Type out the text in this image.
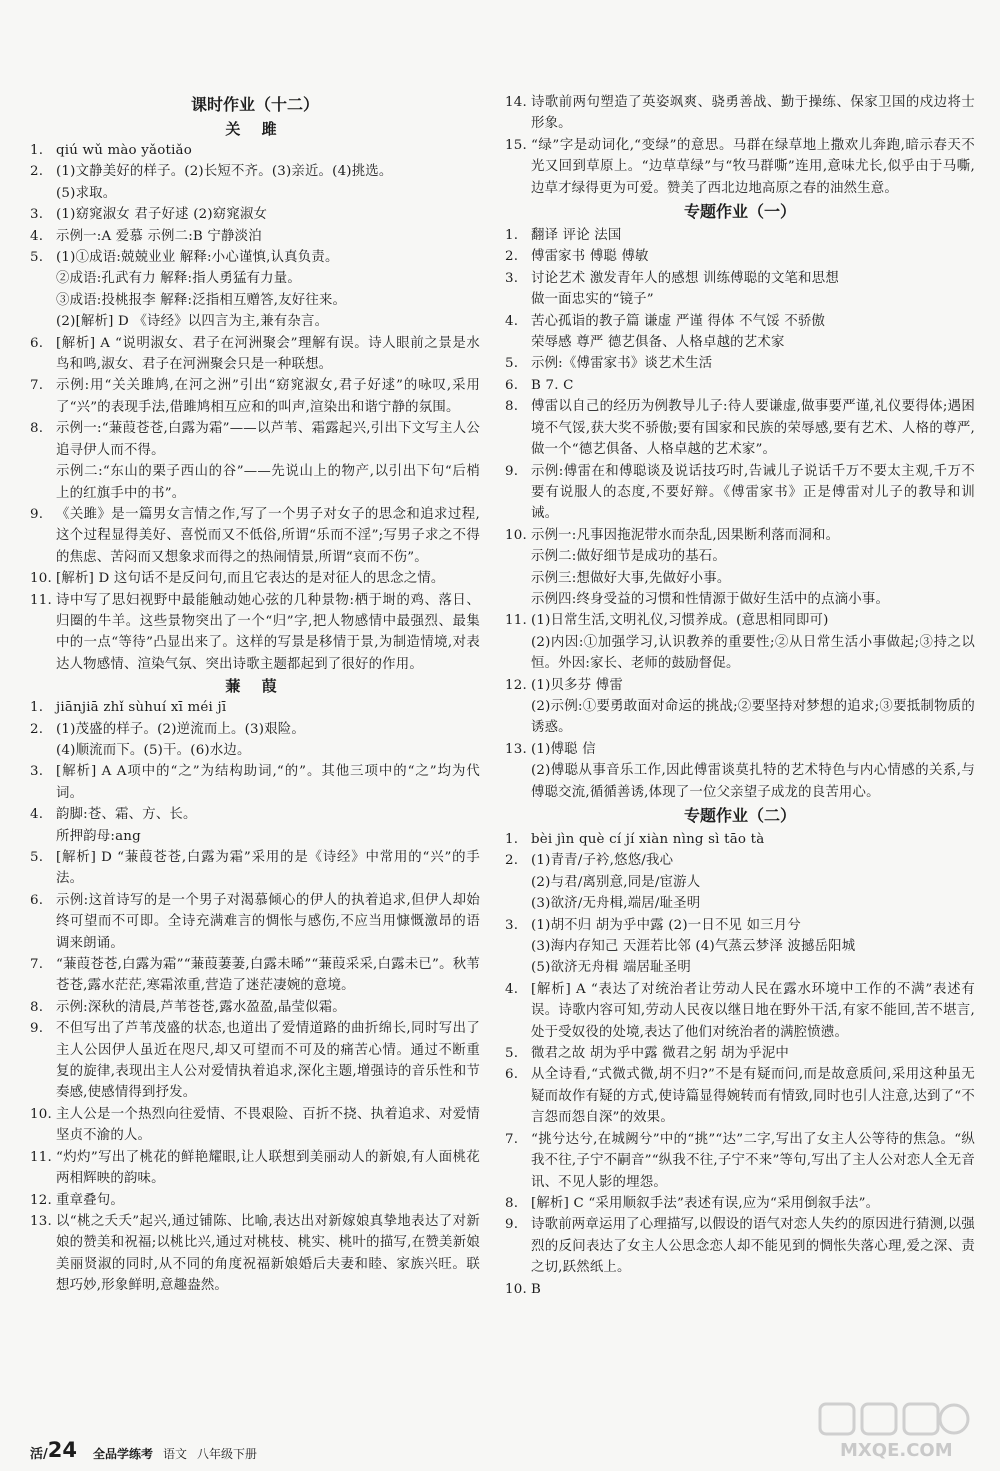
课时作业（十二）
关 雎
1. qiú wǔ mào yǎotiǎo
2. (1)文静美好的样子。(2)长短不齐。(3)亲近。(4)挑选。
(5)求取。
3. (1)窈窕淑女 君子好逑 (2)窈窕淑女
4. 示例一:A 爱慕 示例二:B 宁静淡泊
5. (1)①成语:兢兢业业 解释:小心谨慎,认真负责。
②成语:孔武有力 解释:指人勇猛有力量。
③成语:投桃报李 解释:泛指相互赠答,友好往来。
(2)[解析] D 《诗经》以四言为主,兼有杂言。
6. [解析] A “说明淑女、君子在河洲聚会”理解有误。诗人眼前之景是水鸟和鸣,淑女、君子在河洲聚会只是一种联想。
7. 示例:用“关关雎鸠,在河之洲”引出“窈窕淑女,君子好逑”的咏叹,采用了“兴”的表现手法,借雎鸠相互应和的叫声,渲染出和谐宁静的氛围。
8. 示例一:“蒹葭苍苍,白露为霜”——以芦苇、霜露起兴,引出下文写主人公追寻伊人而不得。
示例二:“东山的栗子西山的谷”——先说山上的物产,以引出下句“后梢上的红旗手中的书”。
9. 《关雎》是一篇男女言情之作,写了一个男子对女子的思念和追求过程,这个过程显得美好、喜悦而又不低俗,所谓“乐而不淫”;写男子求之不得的焦虑、苦闷而又想象求而得之的热闹情景,所谓“哀而不伤”。
10. [解析] D 这句话不是反问句,而且它表达的是对征人的思念之情。
11. 诗中写了思妇视野中最能触动她心弦的几种景物:栖于埘的鸡、落日、归圈的牛羊。这些景物突出了一个“归”字,把人物感情中最强烈、最集中的一点“等待”凸显出来了。这样的写景是移情于景,为制造情境,对表达人物感情、渲染气氛、突出诗歌主题都起到了很好的作用。
蒹 葭
1. jiānjiā zhǐ sùhuí xī méi jī
2. (1)茂盛的样子。(2)逆流而上。(3)艰险。
(4)顺流而下。(5)干。(6)水边。
3. [解析] A A项中的“之”为结构助词,“的”。其他三项中的“之”均为代词。
4. 韵脚:苍、霜、方、长。
所押韵母:ang
5. [解析] D “蒹葭苍苍,白露为霜”采用的是《诗经》中常用的“兴”的手法。
6. 示例:这首诗写的是一个男子对渴慕倾心的伊人的执着追求,但伊人却始终可望而不可即。全诗充满难言的惆怅与感伤,不应当用慷慨激昂的语调来朗诵。
7. “蒹葭苍苍,白露为霜”“蒹葭萋萋,白露未晞”“蒹葭采采,白露未已”。秋苇苍苍,露水茫茫,寒霜浓重,营造了迷茫凄婉的意境。
8. 示例:深秋的清晨,芦苇苍苍,露水盈盈,晶莹似霜。
9. 不但写出了芦苇茂盛的状态,也道出了爱情道路的曲折绵长,同时写出了主人公因伊人虽近在咫尺,却又可望而不可及的痛苦心情。通过不断重复的旋律,表现出主人公对爱情执着追求,深化主题,增强诗的音乐性和节奏感,使感情得到抒发。
10. 主人公是一个热烈向往爱情、不畏艰险、百折不挠、执着追求、对爱情坚贞不渝的人。
11. “灼灼”写出了桃花的鲜艳耀眼,让人联想到美丽动人的新娘,有人面桃花两相辉映的韵味。
12. 重章叠句。
13. 以“桃之夭夭”起兴,通过铺陈、比喻,表达出对新嫁娘真挚地表达了对新娘的赞美和祝福;以桃比兴,通过对桃枝、桃实、桃叶的描写,在赞美新娘美丽贤淑的同时,从不同的角度祝福新娘婚后夫妻和睦、家族兴旺。联想巧妙,形象鲜明,意趣盎然。
14. 诗歌前两句塑造了英姿飒爽、骁勇善战、勤于操练、保家卫国的戍边将士形象。
15. “绿”字是动词化,“变绿”的意思。马群在绿草地上撒欢儿奔跑,暗示春天不光又回到草原上。“边草草绿”与“牧马群嘶”连用,意味尤长,似乎由于马嘶,边草才绿得更为可爱。赞美了西北边地高原之春的油然生意。
专题作业（一）
1. 翻译 评论 法国
2. 傅雷家书 傅聪 傅敏
3. 讨论艺术 激发青年人的感想 训练傅聪的文笔和思想
做一面忠实的“镜子”
4. 苦心孤诣的教子篇 谦虚 严谨 得体 不气馁 不骄傲
荣辱感 尊严 德艺俱备、人格卓越的艺术家
5. 示例:《傅雷家书》谈艺术生活
6. B 7. C
8. 傅雷以自己的经历为例教导儿子:待人要谦虚,做事要严谨,礼仪要得体;遇困境不气馁,获大奖不骄傲;要有国家和民族的荣辱感,要有艺术、人格的尊严,做一个“德艺俱备、人格卓越的艺术家”。
9. 示例:傅雷在和傅聪谈及说话技巧时,告诫儿子说话千万不要太主观,千万不要有说服人的态度,不要好辩。《傅雷家书》正是傅雷对儿子的教导和训诫。
10. 示例一:凡事因拖泥带水而杂乱,因果断利落而洞和。
示例二:做好细节是成功的基石。
示例三:想做好大事,先做好小事。
示例四:终身受益的习惯和性情源于做好生活中的点滴小事。
11. (1)日常生活,文明礼仪,习惯养成。(意思相同即可)
(2)内因:①加强学习,认识教养的重要性;②从日常生活小事做起;③持之以恒。外因:家长、老师的鼓励督促。
12. (1)贝多芬 傅雷
(2)示例:①要勇敢面对命运的挑战;②要坚持对梦想的追求;③要抵制物质的诱惑。
13. (1)傅聪 信
(2)傅聪从事音乐工作,因此傅雷谈莫扎特的艺术特色与内心情感的关系,与傅聪交流,循循善诱,体现了一位父亲望子成龙的良苦用心。
专题作业（二）
1. bèi jìn què cí jí xiàn nìng sì tāo tà
2. (1)青青/子衿,悠悠/我心
(2)与君/离别意,同是/宦游人
(3)欲济/无舟楫,端居/耻圣明
3. (1)胡不归 胡为乎中露 (2)一日不见 如三月兮
(3)海内存知己 天涯若比邻 (4)气蒸云梦泽 波撼岳阳城
(5)欲济无舟楫 端居耻圣明
4. [解析] A “表达了对统治者让劳动人民在露水环境中工作的不满”表述有误。诗歌内容可知,劳动人民夜以继日地在野外干活,有家不能回,苦不堪言,处于受奴役的处境,表达了他们对统治者的满腔愤懑。
5. 微君之故 胡为乎中露 微君之躬 胡为乎泥中
6. 从全诗看,“式微式微,胡不归?”不是有疑而问,而是故意质问,采用这种虽无疑而故作有疑的方式,使诗篇显得婉转而有情致,同时也引人注意,达到了“不言怨而怨自深”的效果。
7. “挑兮达兮,在城阙兮”中的“挑”“达”二字,写出了女主人公等待的焦急。“纵我不往,子宁不嗣音”“纵我不往,子宁不来”等句,写出了主人公对恋人全无音讯、不见人影的埋怨。
8. [解析] C “采用顺叙手法”表述有误,应为“采用倒叙手法”。
9. 诗歌前两章运用了心理描写,以假设的语气对恋人失约的原因进行猜测,以强烈的反问表达了女主人公思念恋人却不能见到的惆怅失落心理,爱之深、责之切,跃然纸上。
10. B
活/ 24 全品学练考 语文 八年级下册	MXQE.COM
